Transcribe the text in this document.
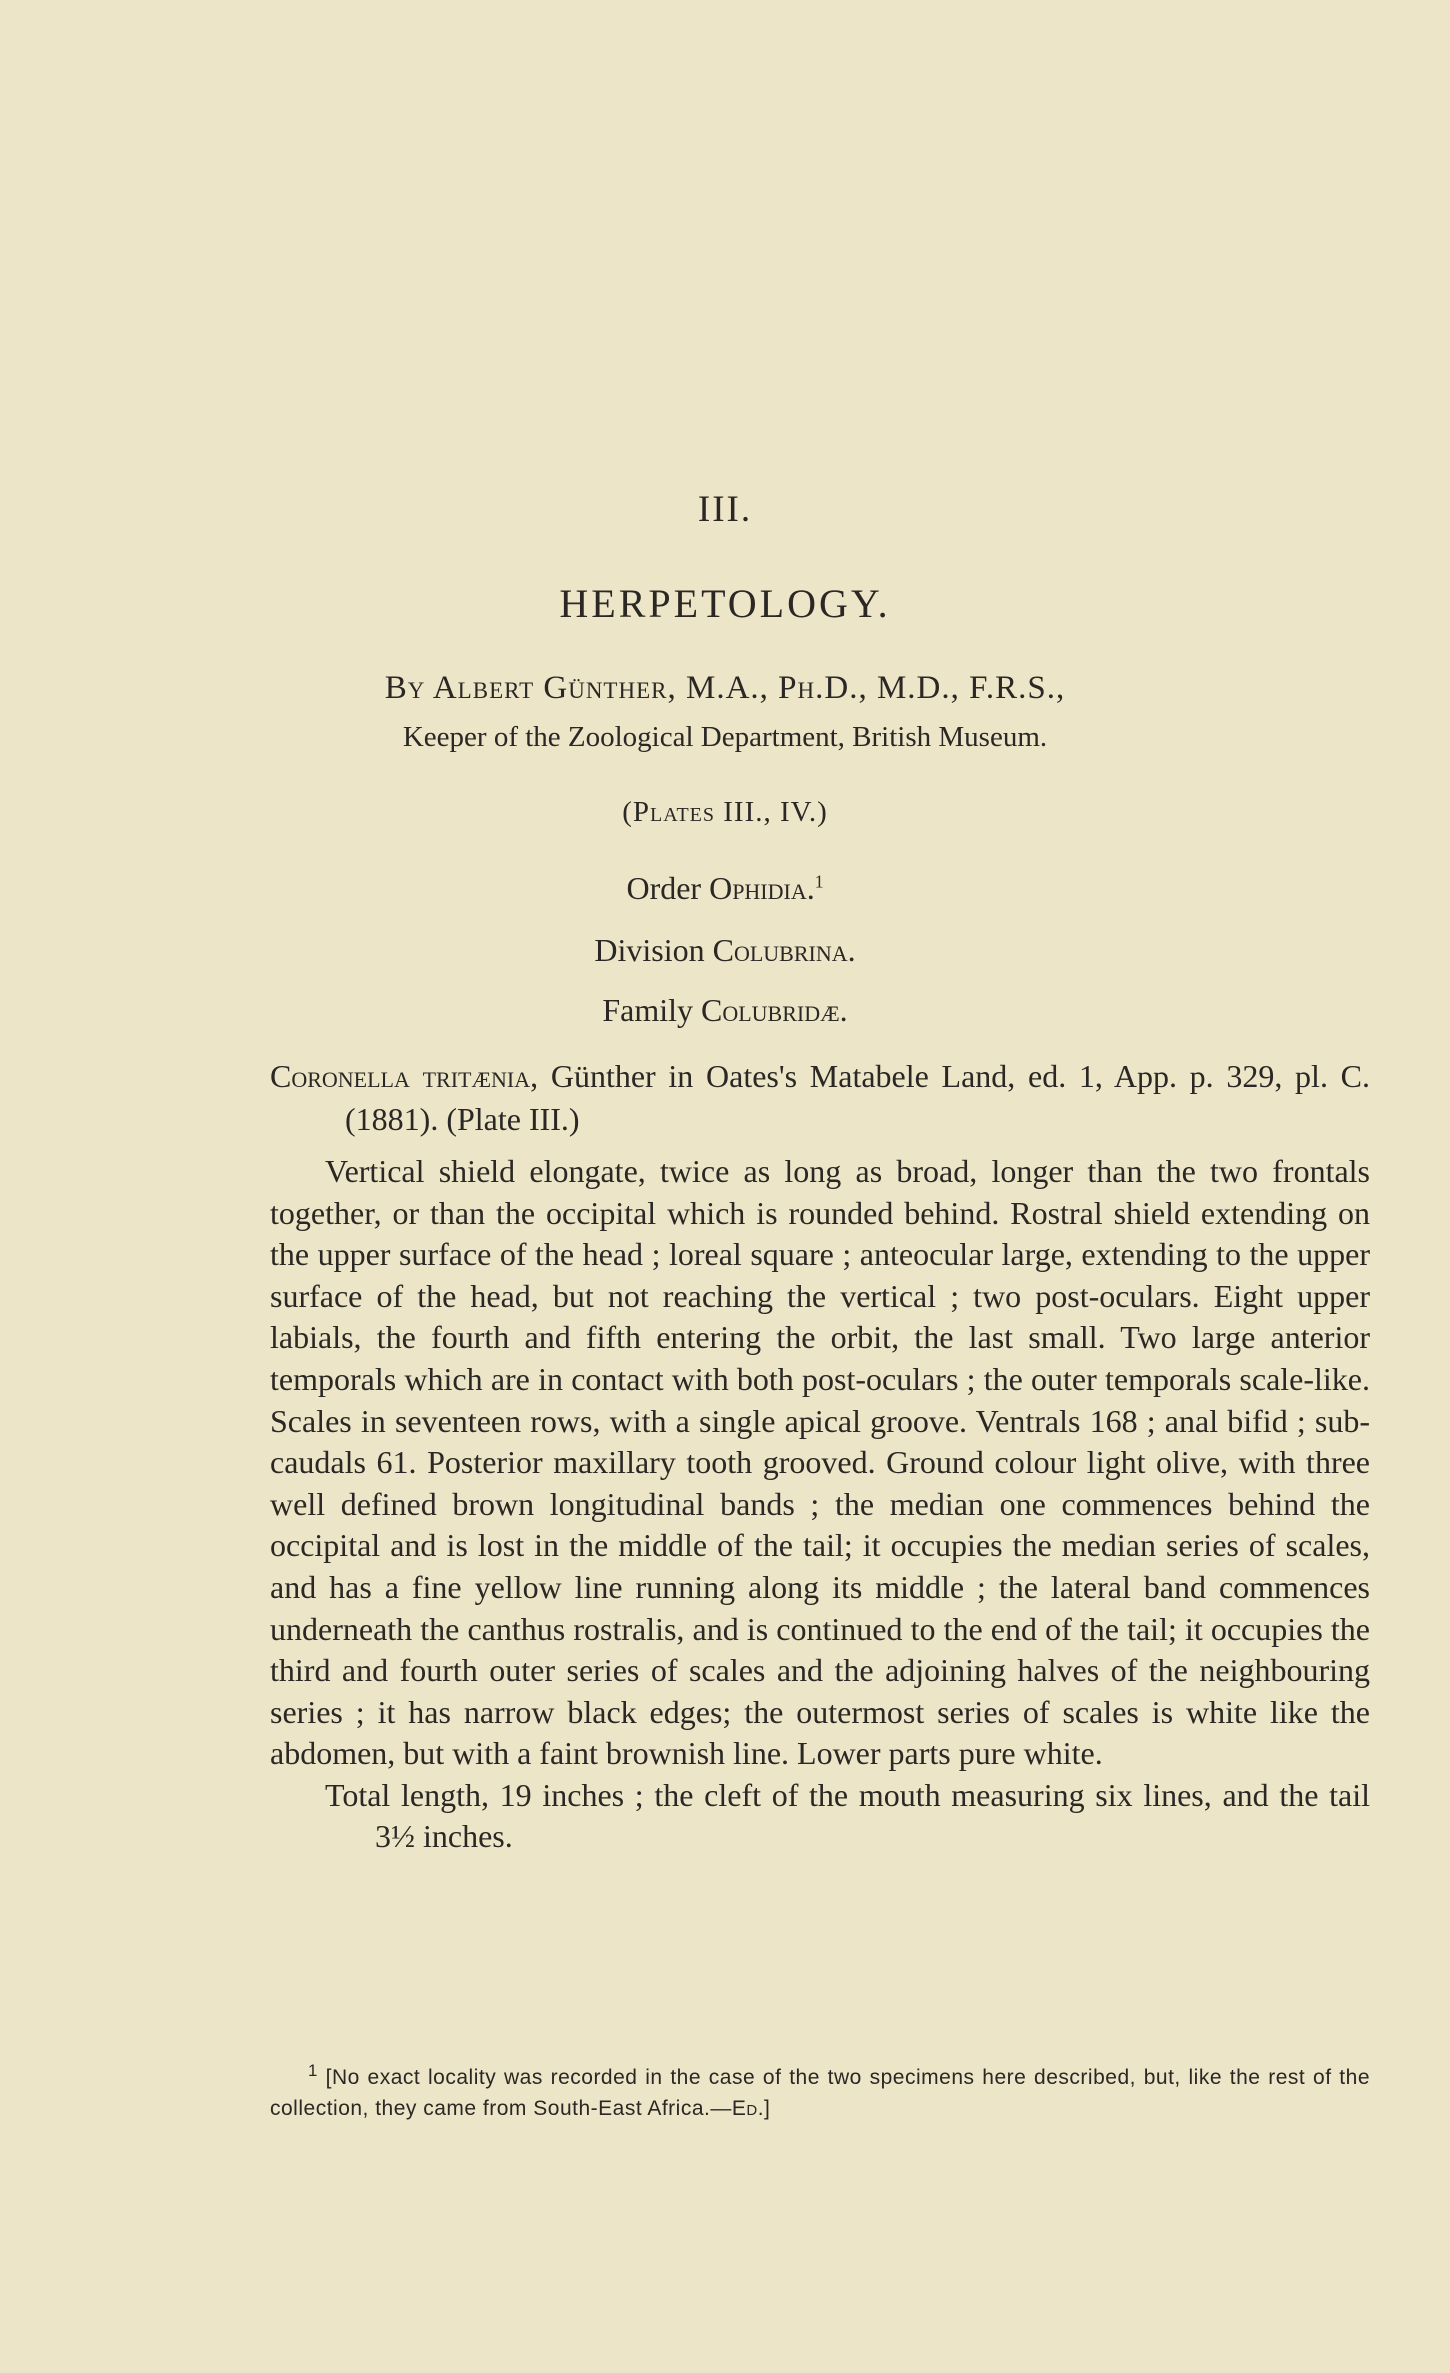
III.
HERPETOLOGY.
By Albert Günther, M.A., Ph.D., M.D., F.R.S.,
Keeper of the Zoological Department, British Museum.
(Plates III., IV.)
Order Ophidia.$^1$
Division Colubrina.
Family Colubridæ.

Coronella tritænia, Günther in Oates's Matabele Land, ed. 1, App. p. 329, pl. C. (1881). (Plate III.)

Vertical shield elongate, twice as long as broad, longer than the two frontals together, or than the occipital which is rounded behind. Rostral shield extending on the upper surface of the head ; loreal square ; anteocular large, extending to the upper surface of the head, but not reaching the vertical ; two post-oculars. Eight upper labials, the fourth and fifth entering the orbit, the last small. Two large anterior temporals which are in contact with both post-oculars ; the outer temporals scale-like. Scales in seventeen rows, with a single apical groove. Ventrals 168 ; anal bifid ; sub-caudals 61. Posterior maxillary tooth grooved. Ground colour light olive, with three well defined brown longitudinal bands ; the median one commences behind the occipital and is lost in the middle of the tail; it occupies the median series of scales, and has a fine yellow line running along its middle ; the lateral band commences underneath the canthus rostralis, and is continued to the end of the tail; it occupies the third and fourth outer series of scales and the adjoining halves of the neighbouring series ; it has narrow black edges; the outermost series of scales is white like the abdomen, but with a faint brownish line. Lower parts pure white.

Total length, 19 inches ; the cleft of the mouth measuring six lines, and the tail 3½ inches.

$^1$ [No exact locality was recorded in the case of the two specimens here described, but, like the rest of the collection, they came from South-East Africa.—Ed.]
